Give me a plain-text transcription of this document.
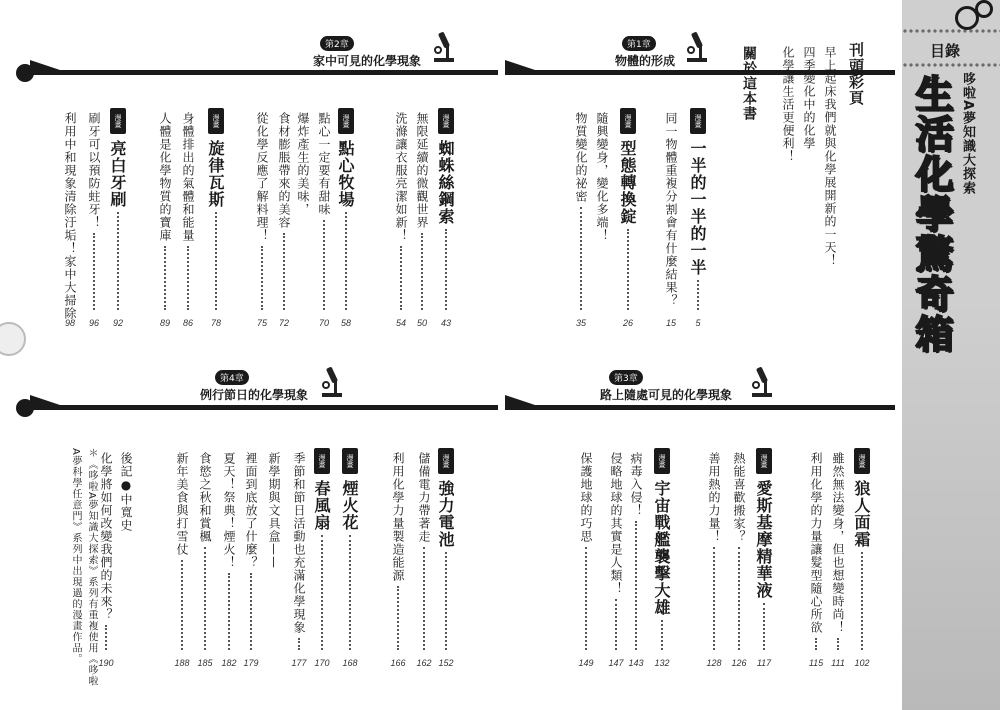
目錄
哆啦A夢知識大探索
生活化學驚奇箱
第1章
物體的形成
第2章
家中可見的化學現象
第3章
路上隨處可見的化學現象
第4章
例行節日的化學現象
刊頭彩頁
早上起床我們就與化學展開新的一天！
四季變化中的化學
化學讓生活更便利！
關於這本書
漫畫
一半的一半的一半
5
同一物體重複分割會有什麼結果？
15
漫畫
型態轉換錠
26
隨興變身，變化多端！
物質變化的祕密
35
漫畫
蜘蛛絲鋼索
43
無限延續的微觀世界
50
洗滌讓衣服亮潔如新！
54
漫畫
點心牧場
58
點心一定要有甜味
70
爆炸產生的美味，
食材膨脹帶來的美容
72
從化學反應了解料理！
75
漫畫
旋律瓦斯
78
身體排出的氣體和能量
86
人體是化學物質的寶庫
89
漫畫
亮白牙刷
92
刷牙可以預防蛀牙！
96
利用中和現象清除汙垢！家中大掃除
98
漫畫
狼人面霜
102
雖然無法變身，但也想變時尚！
111
利用化學的力量讓髮型隨心所欲
115
漫畫
愛斯基摩精華液
117
熱能喜歡搬家？
126
善用熱的力量！
128
漫畫
宇宙戰艦襲擊大雄
132
病毒入侵！
143
侵略地球的其實是人類！
147
保護地球的巧思
149
漫畫
強力電池
152
儲備電力帶著走
162
利用化學力量製造能源
166
漫畫
煙火花
168
漫畫
春風扇
170
季節和節日活動也充滿化學現象
177
新學期與文具盒——
裡面到底放了什麼？
179
夏天！祭典！煙火！
182
食慾之秋和賞楓
185
新年美食與打雪仗
188
後記●中寬史
化學將如何改變我們的未來？
190
＊《哆啦A夢知識大探索》系列有重複使用《哆啦
A夢科學任意門》系列中出現過的漫畫作品。
